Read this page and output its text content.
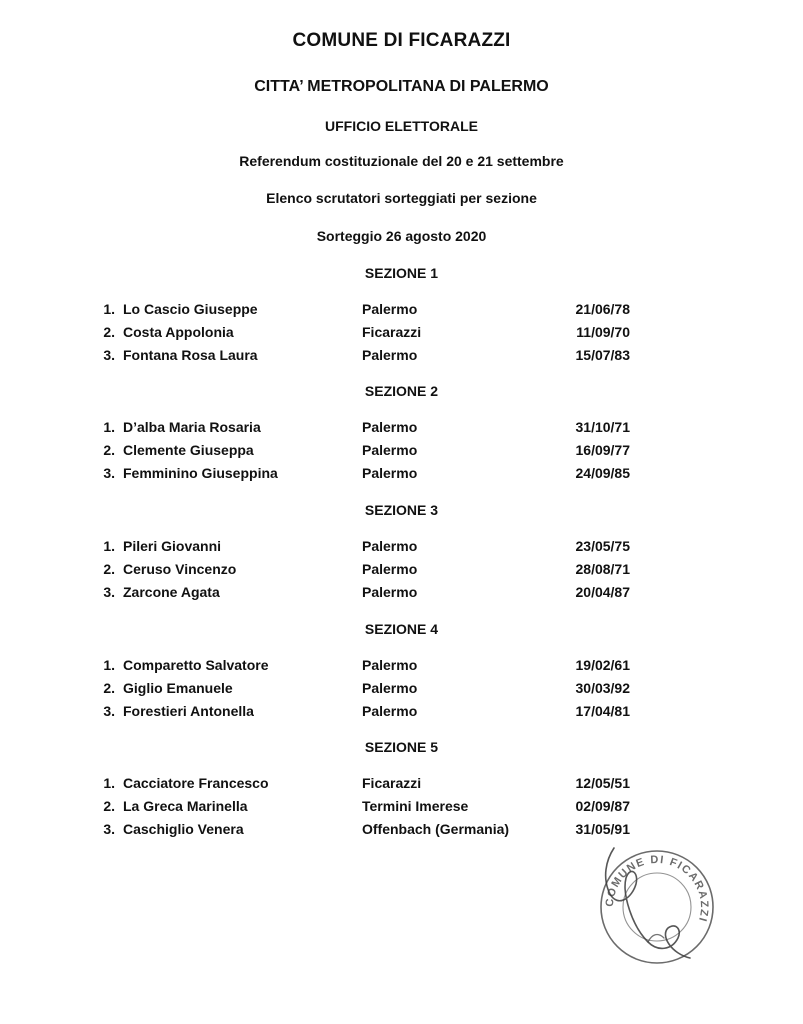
COMUNE DI FICARAZZI
CITTA’ METROPOLITANA DI PALERMO
UFFICIO ELETTORALE
Referendum costituzionale del 20 e 21 settembre
Elenco scrutatori sorteggiati per sezione
Sorteggio 26 agosto 2020
SEZIONE 1
1. Lo Cascio Giuseppe	Palermo	21/06/78
2. Costa Appolonia	Ficarazzi	11/09/70
3. Fontana Rosa Laura	Palermo	15/07/83
SEZIONE 2
1. D’alba Maria Rosaria	Palermo	31/10/71
2. Clemente Giuseppa	Palermo	16/09/77
3. Femminino Giuseppina	Palermo	24/09/85
SEZIONE 3
1. Pileri Giovanni	Palermo	23/05/75
2. Ceruso Vincenzo	Palermo	28/08/71
3. Zarcone Agata	Palermo	20/04/87
SEZIONE 4
1. Comparetto Salvatore	Palermo	19/02/61
2. Giglio Emanuele	Palermo	30/03/92
3. Forestieri Antonella	Palermo	17/04/81
SEZIONE 5
1. Cacciatore Francesco	Ficarazzi	12/05/51
2. La Greca Marinella	Termini Imerese	02/09/87
3. Caschiglio Venera	Offenbach (Germania)	31/05/91
COMUNE DI FICARAZZI
